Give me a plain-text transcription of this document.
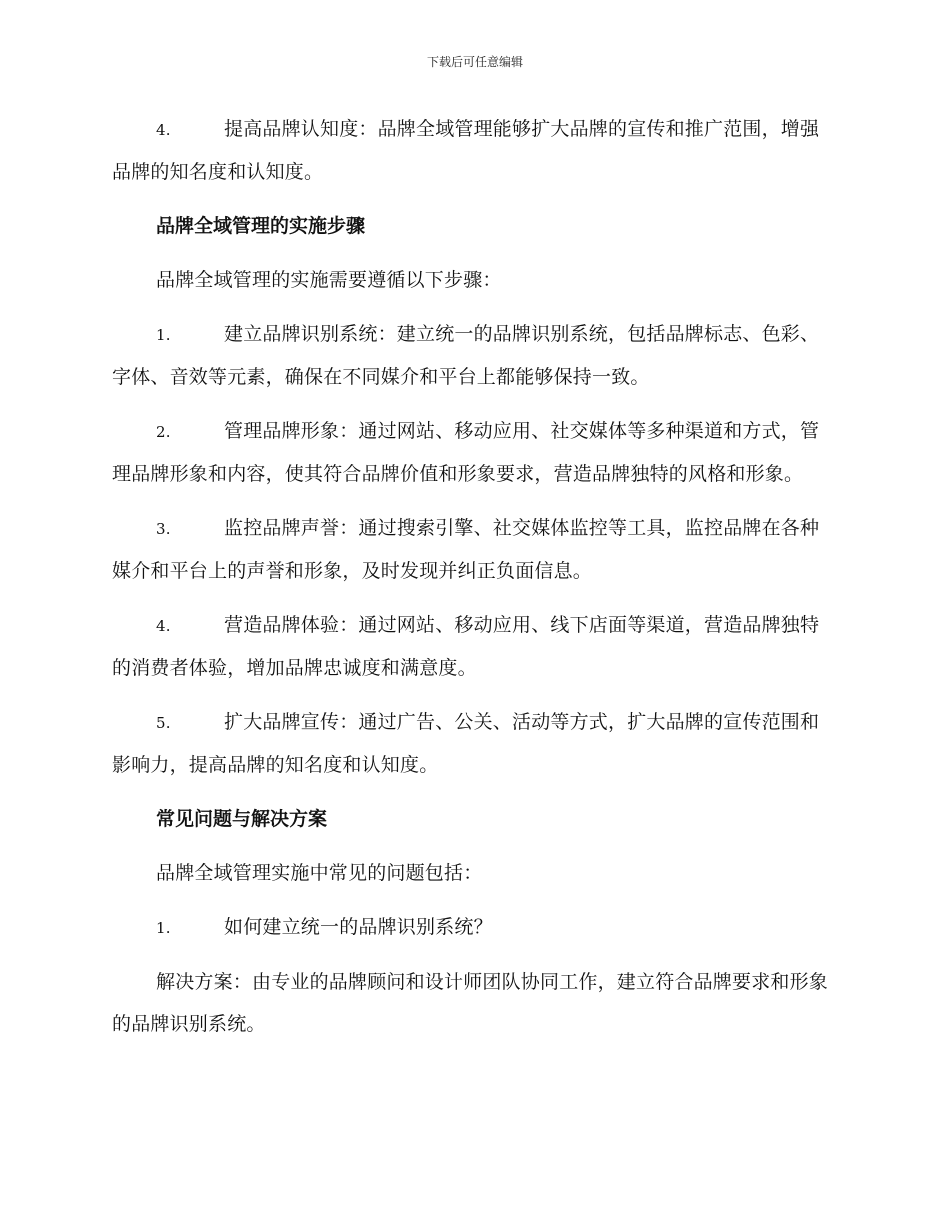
下载后可任意编辑

4.	提高品牌认知度：品牌全域管理能够扩大品牌的宣传和推广范围，增强品牌的知名度和认知度。

品牌全域管理的实施步骤

品牌全域管理的实施需要遵循以下步骤：

1.	建立品牌识别系统：建立统一的品牌识别系统，包括品牌标志、色彩、字体、音效等元素，确保在不同媒介和平台上都能够保持一致。

2.	管理品牌形象：通过网站、移动应用、社交媒体等多种渠道和方式，管理品牌形象和内容，使其符合品牌价值和形象要求，营造品牌独特的风格和形象。

3.	监控品牌声誉：通过搜索引擎、社交媒体监控等工具，监控品牌在各种媒介和平台上的声誉和形象，及时发现并纠正负面信息。

4.	营造品牌体验：通过网站、移动应用、线下店面等渠道，营造品牌独特的消费者体验，增加品牌忠诚度和满意度。

5.	扩大品牌宣传：通过广告、公关、活动等方式，扩大品牌的宣传范围和影响力，提高品牌的知名度和认知度。

常见问题与解决方案

品牌全域管理实施中常见的问题包括：

1.	如何建立统一的品牌识别系统？

解决方案：由专业的品牌顾问和设计师团队协同工作，建立符合品牌要求和形象的品牌识别系统。
